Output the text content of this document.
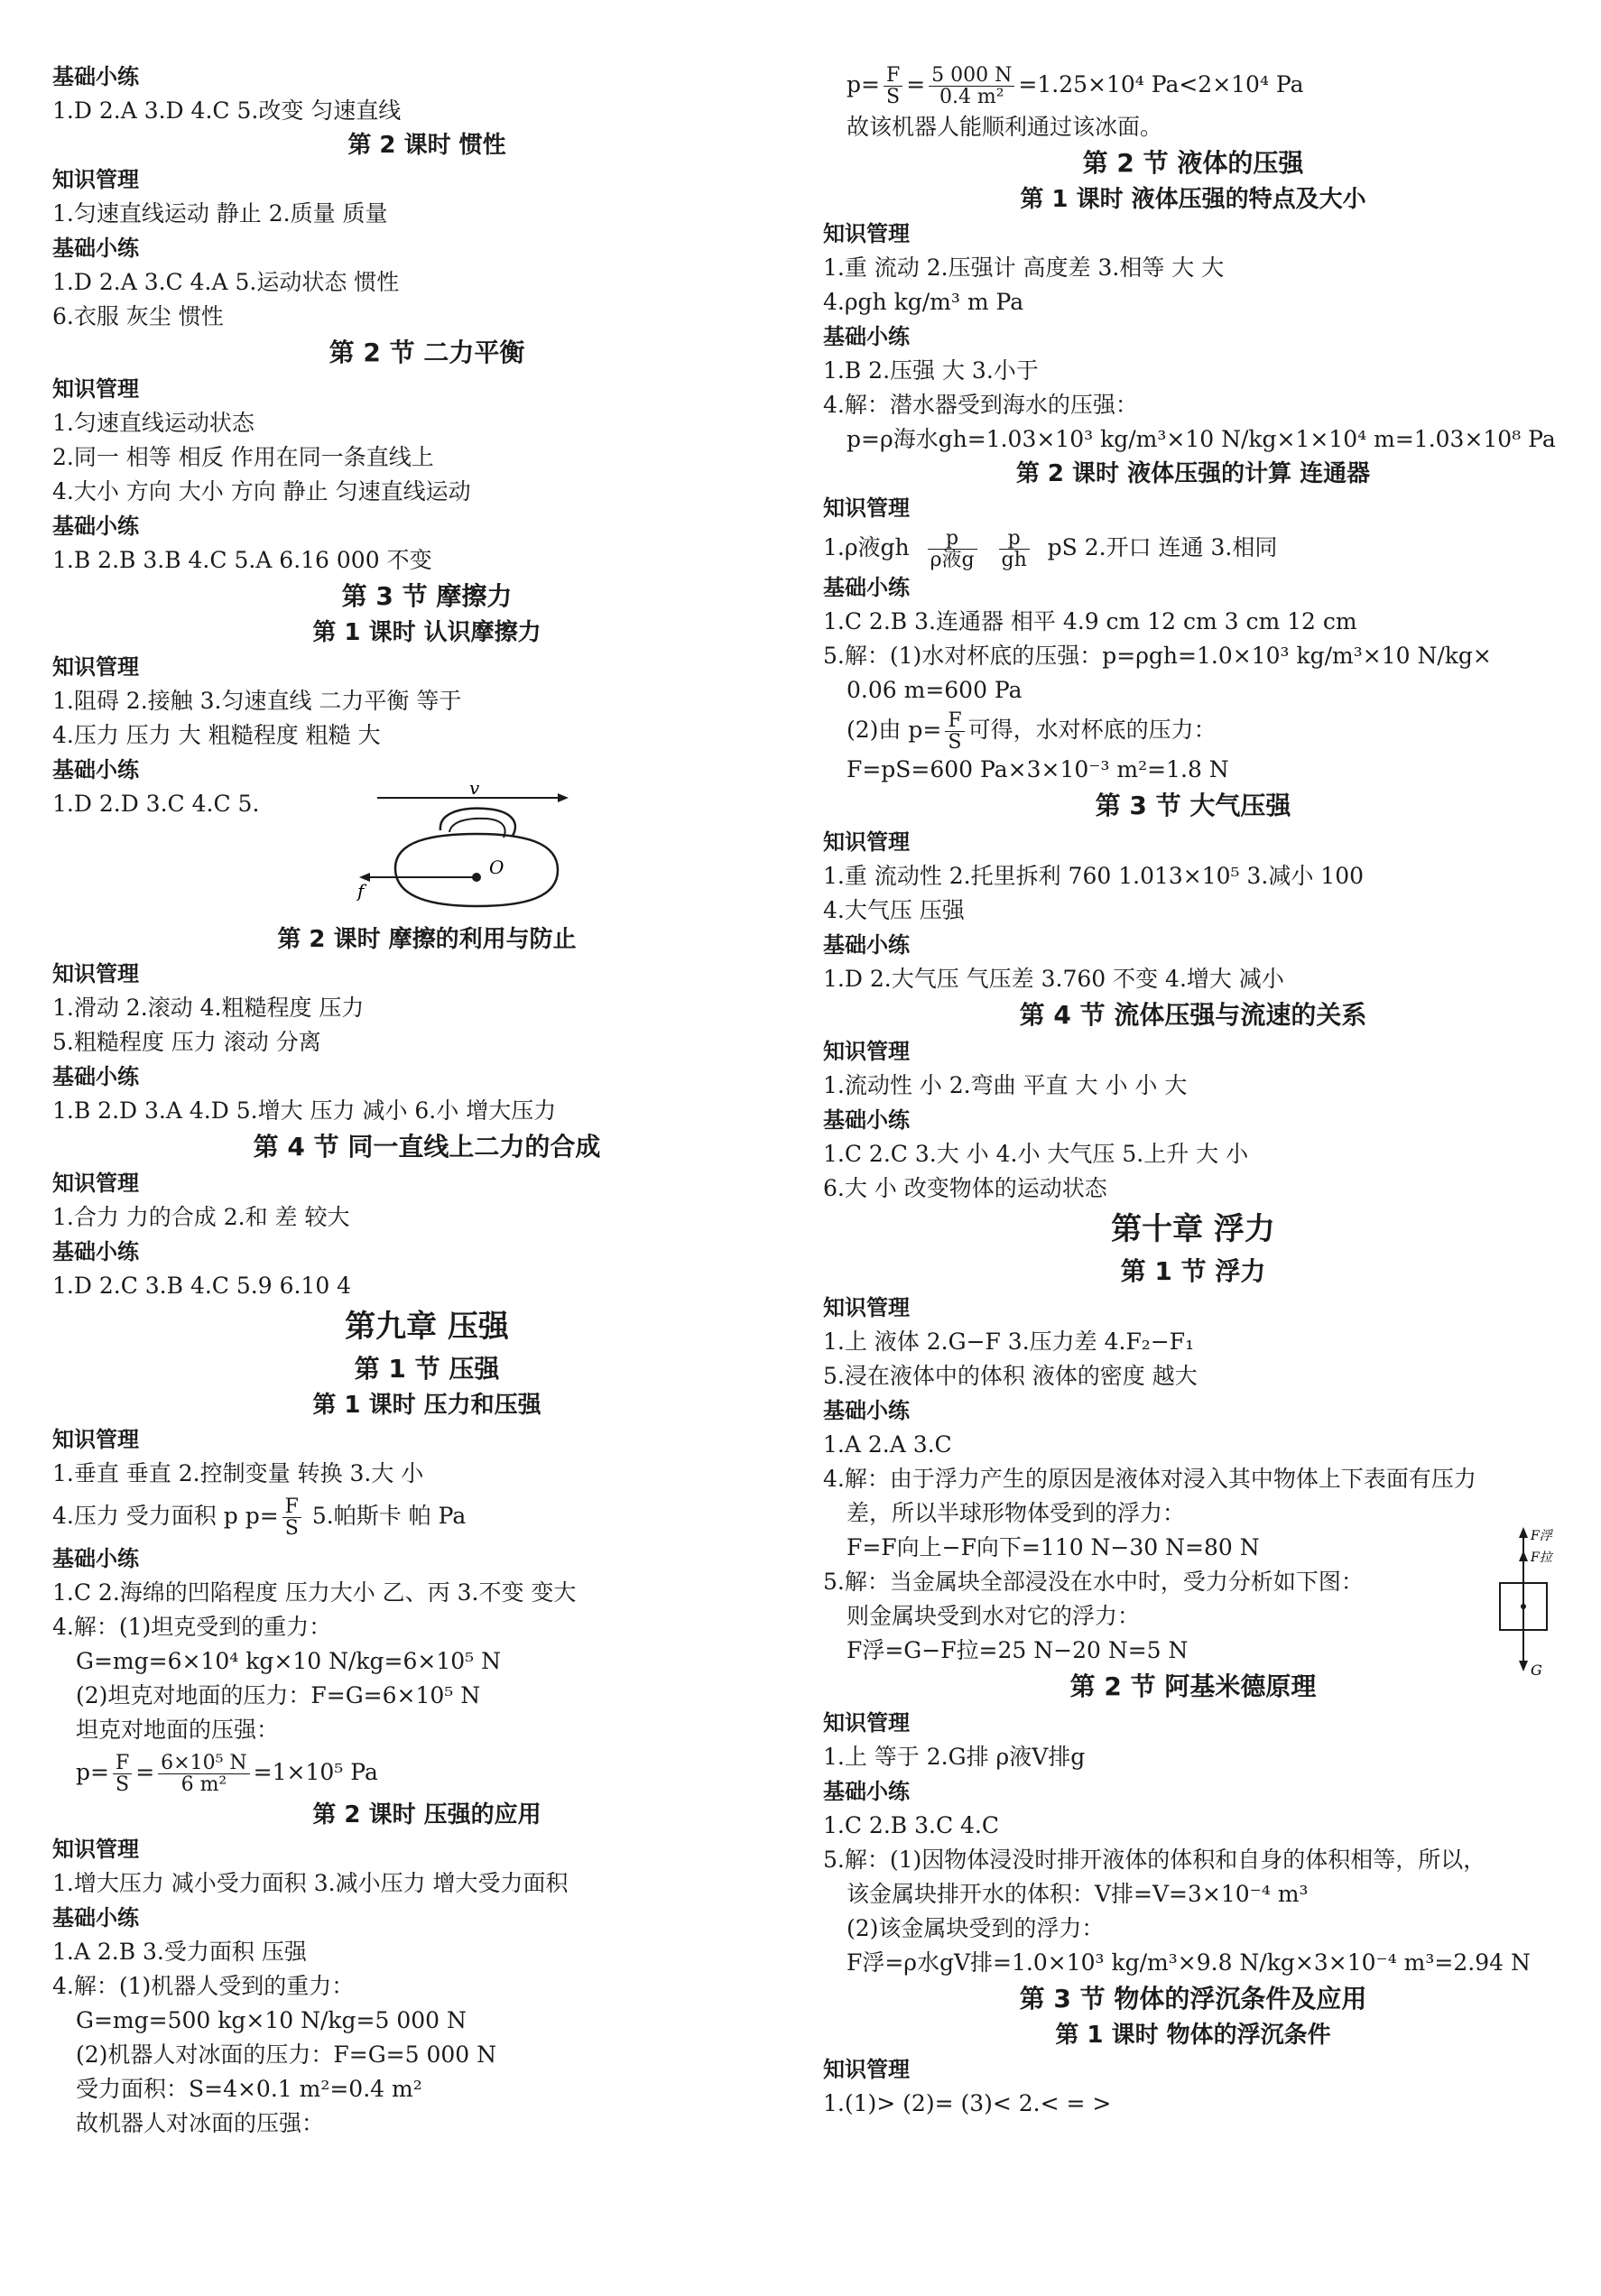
基础小练
1.D 2.A 3.D 4.C 5.改变 匀速直线
第 2 课时 惯性
知识管理
1.匀速直线运动 静止 2.质量 质量
基础小练
1.D 2.A 3.C 4.A 5.运动状态 惯性
6.衣服 灰尘 惯性
第 2 节 二力平衡
知识管理
1.匀速直线运动状态
2.同一 相等 相反 作用在同一条直线上
4.大小 方向 大小 方向 静止 匀速直线运动
基础小练
1.B 2.B 3.B 4.C 5.A 6.16 000 不变
第 3 节 摩擦力
第 1 课时 认识摩擦力
知识管理
1.阻碍 2.接触 3.匀速直线 二力平衡 等于
4.压力 压力 大 粗糙程度 粗糙 大
基础小练
1.D 2.D 3.C 4.C 5.
v
O
f
第 2 课时 摩擦的利用与防止
知识管理
1.滑动 2.滚动 4.粗糙程度 压力
5.粗糙程度 压力 滚动 分离
基础小练
1.B 2.D 3.A 4.D 5.增大 压力 减小 6.小 增大压力
第 4 节 同一直线上二力的合成
知识管理
1.合力 力的合成 2.和 差 较大
基础小练
1.D 2.C 3.B 4.C 5.9 6.10 4
第九章 压强
第 1 节 压强
第 1 课时 压力和压强
知识管理
1.垂直 垂直 2.控制变量 转换 3.大 小
4.压力 受力面积 p $p= \frac{F}{S} 5$.帕斯卡 帕 Pa
基础小练
1.C 2.海绵的凹陷程度 压力大小 乙、丙 3.不变 变大
4.解：(1)坦克受到的重力：
G=mg=6×10⁴ kg×10 N/kg=6×10⁵ N
(2)坦克对地面的压力：F=G=6×10⁵ N
坦克对地面的压强：
$p= \frac{F}{S} = \frac{\text{6×10⁵ N}}{\text{6 m²}} =1\times 10^5$ Pa
第 2 课时 压强的应用
知识管理
1.增大压力 减小受力面积 3.减小压力 增大受力面积
基础小练
1.A 2.B 3.受力面积 压强
4.解：(1)机器人受到的重力：
G=mg=500 kg×10 N/kg=5 000 N
(2)机器人对冰面的压力：F=G=5 000 N
受力面积：S=4×0.1 m²=0.4 m²
故机器人对冰面的压强：
$p= \frac{F}{S} = \frac{5 000 N}{\text{0.4 m²}} =1.25\times 10^4$ Pa<2×10⁴ Pa
故该机器人能顺利通过该冰面。
第 2 节 液体的压强
第 1 课时 液体压强的特点及大小
知识管理
1.重 流动 2.压强计 高度差 3.相等 大 大
4.ρgh kg/m³ m Pa
基础小练
1.B 2.压强 大 3.小于
4.解：潜水器受到海水的压强：
p=ρ海水gh=1.03×10³ kg/m³×10 N/kg×1×10⁴ m=1.03×10⁸ Pa
第 2 课时 液体压强的计算 连通器
知识管理
1.ρ液gh $\frac{p}{\text{ρ液g}}$
$\frac{p}{gh}$ pS 2.开口 连通 3.相同
基础小练
1.C 2.B 3.连通器 相平 4.9 cm 12 cm 3 cm 12 cm
5.解：(1)水对杯底的压强：p=ρgh=1.0×10³ kg/m³×10 N/kg×
0.06 m=600 Pa
(2)由 $p= \frac{F}{S}$ 可得，水对杯底的压力：
F=pS=600 Pa×3×10⁻³ m²=1.8 N
第 3 节 大气压强
知识管理
1.重 流动性 2.托里拆利 760 1.013×10⁵ 3.减小 100
4.大气压 压强
基础小练
1.D 2.大气压 气压差 3.760 不变 4.增大 减小
第 4 节 流体压强与流速的关系
知识管理
1.流动性 小 2.弯曲 平直 大 小 小 大
基础小练
1.C 2.C 3.大 小 4.小 大气压 5.上升 大 小
6.大 小 改变物体的运动状态
第十章 浮力
第 1 节 浮力
知识管理
1.上 液体 2.G−F 3.压力差 4.F₂−F₁
5.浸在液体中的体积 液体的密度 越大
基础小练
1.A 2.A 3.C
4.解：由于浮力产生的原因是液体对浸入其中物体上下表面有压力
差，所以半球形物体受到的浮力：
F=F向上−F向下=110 N−30 N=80 N
5.解：当金属块全部浸没在水中时，受力分析如下图：
F浮
F拉
G
则金属块受到水对它的浮力：
F浮=G−F拉=25 N−20 N=5 N
第 2 节 阿基米德原理
知识管理
1.上 等于 2.G排 ρ液V排g
基础小练
1.C 2.B 3.C 4.C
5.解：(1)因物体浸没时排开液体的体积和自身的体积相等，所以，
该金属块排开水的体积：V排=V=3×10⁻⁴ m³
(2)该金属块受到的浮力：
F浮=ρ水gV排=1.0×10³ kg/m³×9.8 N/kg×3×10⁻⁴ m³=2.94 N
第 3 节 物体的浮沉条件及应用
第 1 课时 物体的浮沉条件
知识管理
1.(1)> (2)= (3)< 2.< = >
